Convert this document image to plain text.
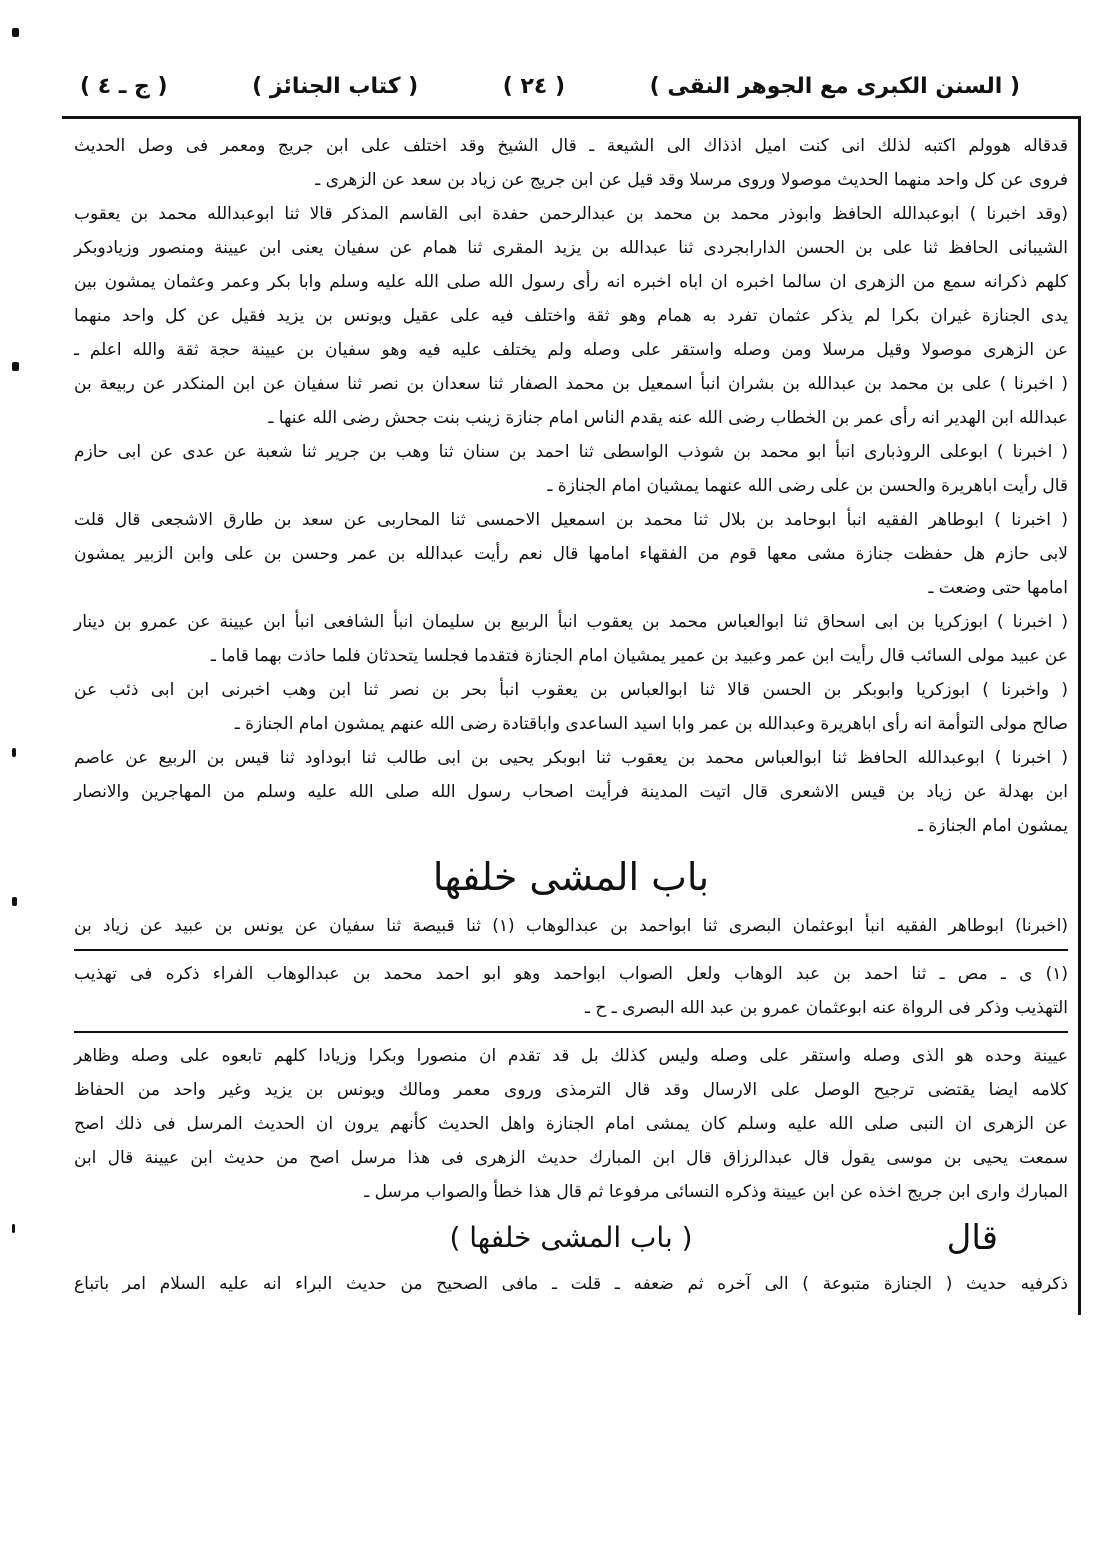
( ج ـ ٤ )	( كتاب الجنائز )	( ٢٤ )	( السنن الكبرى مع الجوهر النقى )
قدقاله هوولم اكتبه لذلك انى كنت اميل اذذاك الى الشيعة ـ قال الشيخ وقد اختلف على ابن جريج ومعمر فى وصل الحديث
فروى عن كل واحد منهما الحديث موصولا وروى مرسلا وقد قيل عن ابن جريج عن زياد بن سعد عن الزهرى ـ
(وقد اخبرنا ) ابوعبدالله الحافظ وابوذر محمد بن محمد بن عبدالرحمن حفدة ابى القاسم المذكر قالا ثنا ابوعبدالله محمد بن يعقوب
الشيبانى الحافظ ثنا على بن الحسن الدارابجردى ثنا عبدالله بن يزيد المقرى ثنا همام عن سفيان يعنى ابن عيينة ومنصور وزيادوبكر
كلهم ذكرانه سمع من الزهرى ان سالما اخبره ان اباه اخبره انه رأى رسول الله صلى الله عليه وسلم وابا بكر وعمر وعثمان يمشون بين
يدى الجنازة غيران بكرا لم يذكر عثمان تفرد به همام وهو ثقة واختلف فيه على عقيل ويونس بن يزيد فقيل عن كل واحد منهما
عن الزهرى موصولا وقيل مرسلا ومن وصله واستقر على وصله ولم يختلف عليه فيه وهو سفيان بن عيينة حجة ثقة والله اعلم ـ
( اخبرنا ) على بن محمد بن عبدالله بن بشران انبأ اسمعيل بن محمد الصفار ثنا سعدان بن نصر ثنا سفيان عن ابن المنكدر عن ربيعة بن
عبدالله ابن الهدير انه رأى عمر بن الخطاب رضى الله عنه يقدم الناس امام جنازة زينب بنت جحش رضى الله عنها ـ
( اخبرنا ) ابوعلى الروذبارى انبأ ابو محمد بن شوذب الواسطى ثنا احمد بن سنان ثنا وهب بن جرير ثنا شعبة عن عدى عن ابى حازم
قال رأيت اباهريرة والحسن بن على رضى الله عنهما يمشيان امام الجنازة ـ
( اخبرنا ) ابوطاهر الفقيه انبأ ابوحامد بن بلال ثنا محمد بن اسمعيل الاحمسى ثنا المحاربى عن سعد بن طارق الاشجعى قال قلت
لابى حازم هل حفظت جنازة مشى معها قوم من الفقهاء امامها قال نعم رأيت عبدالله بن عمر وحسن بن على وابن الزبير يمشون
امامها حتى وضعت ـ
( اخبرنا ) ابوزكريا بن ابى اسحاق ثنا ابوالعباس محمد بن يعقوب انبأ الربيع بن سليمان انبأ الشافعى انبأ ابن عيينة عن عمرو بن دينار
عن عبيد مولى السائب قال رأيت ابن عمر وعبيد بن عمير يمشيان امام الجنازة فتقدما فجلسا يتحدثان فلما حاذت بهما قاما ـ
( واخبرنا ) ابوزكريا وابوبكر بن الحسن قالا ثنا ابوالعباس بن يعقوب انبأ بحر بن نصر ثنا ابن وهب اخبرنى ابن ابى ذئب عن
صالح مولى التوأمة انه رأى اباهريرة وعبدالله بن عمر وابا اسيد الساعدى واباقتادة رضى الله عنهم يمشون امام الجنازة ـ
( اخبرنا ) ابوعبدالله الحافظ ثنا ابوالعباس محمد بن يعقوب ثنا ابوبكر يحيى بن ابى طالب ثنا ابوداود ثنا قيس بن الربيع عن عاصم
ابن بهدلة عن زياد بن قيس الاشعرى قال اتيت المدينة فرأيت اصحاب رسول الله صلى الله عليه وسلم من المهاجرين والانصار
يمشون امام الجنازة ـ
باب المشى خلفها
(اخبرنا) ابوطاهر الفقيه انبأ ابوعثمان البصرى ثنا ابواحمد بن عبدالوهاب (١) ثنا قبيصة ثنا سفيان عن يونس بن عبيد عن زياد بن
(١) ى ـ مص ـ ثنا احمد بن عبد الوهاب ولعل الصواب ابواحمد وهو ابو احمد محمد بن عبدالوهاب الفراء ذكره فى تهذيب
التهذيب وذكر فى الرواة عنه ابوعثمان عمرو بن عبد الله البصرى ـ ح ـ
عيينة وحده هو الذى وصله واستقر على وصله وليس كذلك بل قد تقدم ان منصورا وبكرا وزيادا كلهم تابعوه على وصله وظاهر
كلامه ايضا يقتضى ترجيح الوصل على الارسال وقد قال الترمذى وروى معمر ومالك ويونس بن يزيد وغير واحد من الحفاظ
عن الزهرى ان النبى صلى الله عليه وسلم كان يمشى امام الجنازة واهل الحديث كأنهم يرون ان الحديث المرسل فى ذلك اصح
سمعت يحيى بن موسى يقول قال عبدالرزاق قال ابن المبارك حديث الزهرى فى هذا مرسل اصح من حديث ابن عيينة قال ابن
المبارك وارى ابن جريج اخذه عن ابن عيينة وذكره النسائى مرفوعا ثم قال هذا خطأ والصواب مرسل ـ
قال
( باب المشى خلفها )
ذكرفيه حديث ( الجنازة متبوعة ) الى آخره ثم ضعفه ـ قلت ـ مافى الصحيح من حديث البراء انه عليه السلام امر باتباع
